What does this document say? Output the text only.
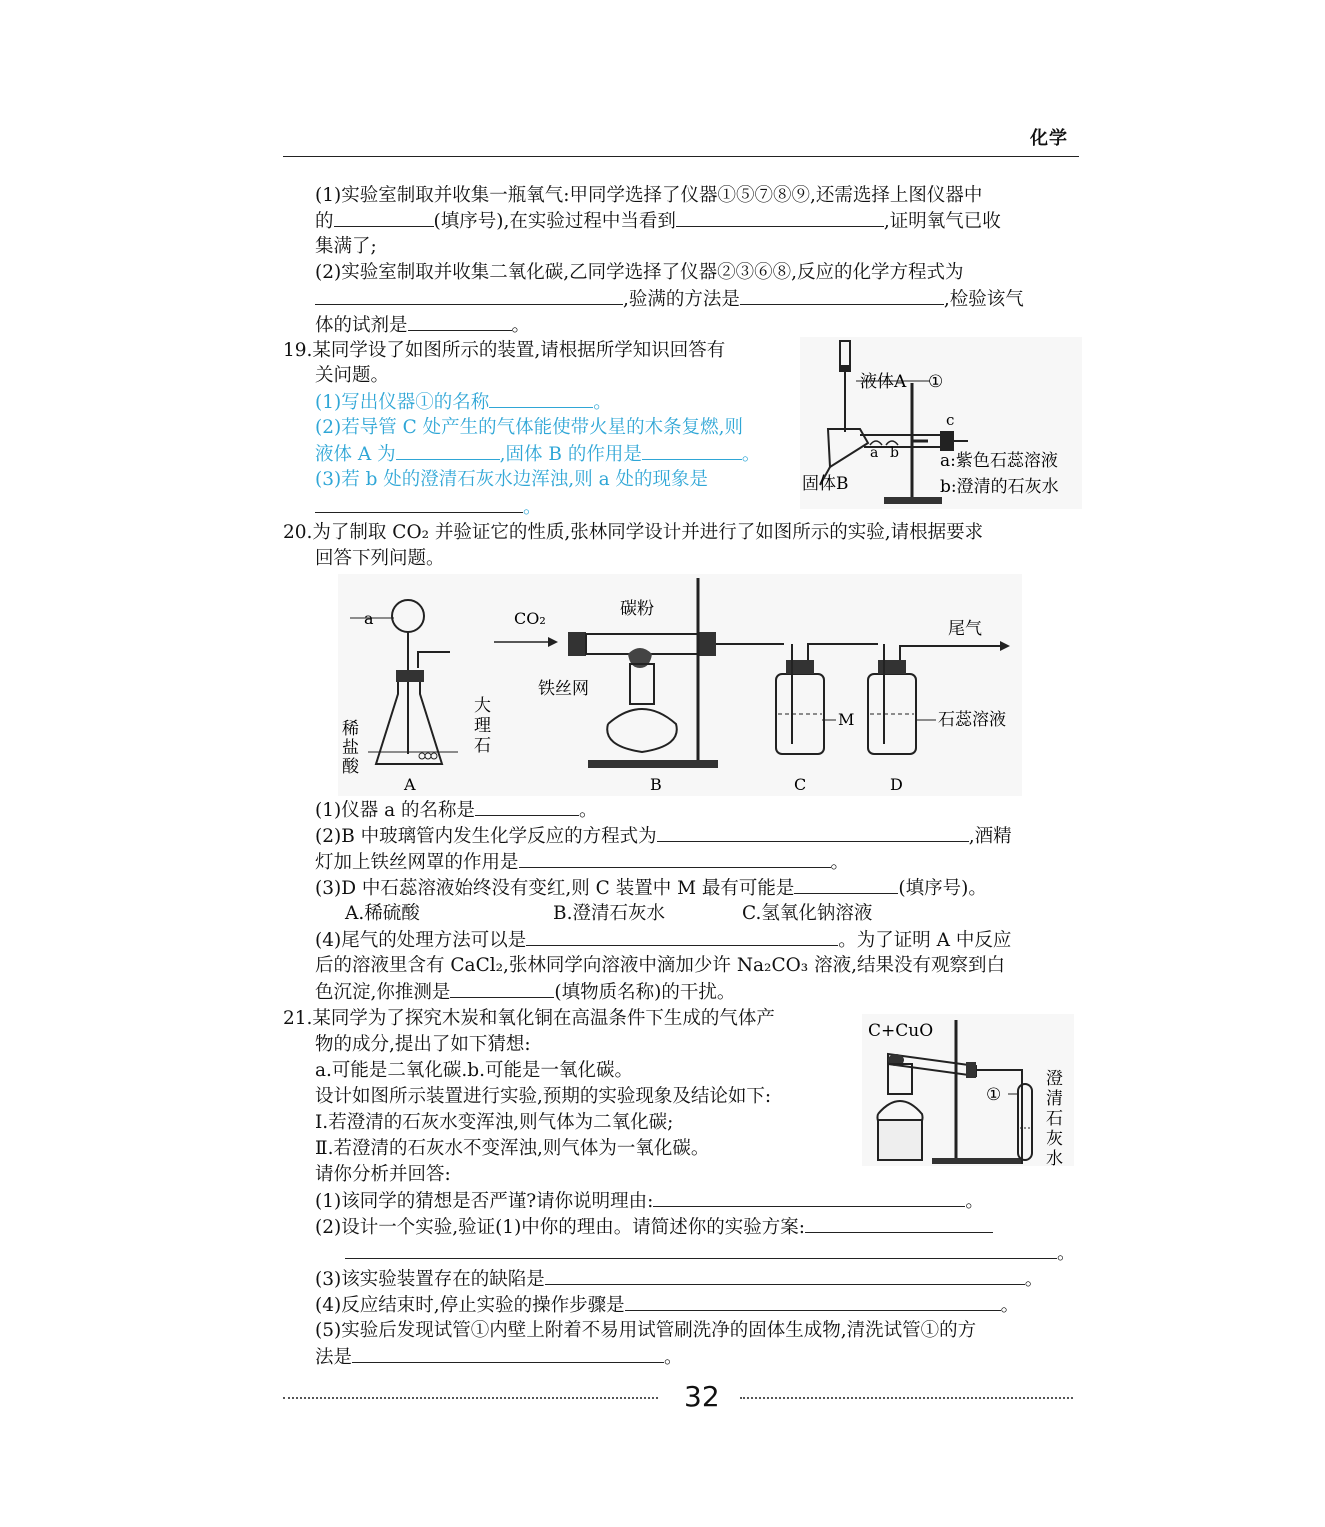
化学
(1)实验室制取并收集一瓶氧气:甲同学选择了仪器①⑤⑦⑧⑨,还需选择上图仪器中
的	(填序号),在实验过程中当看到	,证明氧气已收
集满了;
(2)实验室制取并收集二氧化碳,乙同学选择了仪器②③⑥⑧,反应的化学方程式为
,验满的方法是	,检验该气
体的试剂是	。
19.某同学设了如图所示的装置,请根据所学知识回答有
关问题。
(1)写出仪器①的名称	。
(2)若导管 C 处产生的气体能使带火星的木条复燃,则
液体 A 为	,固体 B 的作用是	。
(3)若 b 处的澄清石灰水边浑浊,则 a 处的现象是
。
液体A ①
c
a b
固体B
a:紫色石蕊溶液
b:澄清的石灰水
20.为了制取 CO₂ 并验证它的性质,张林同学设计并进行了如图所示的实验,请根据要求
回答下列问题。
a
稀
盐
酸
大
理
石
A
CO₂	碳粉
铁丝网
B
M
C
石蕊溶液
尾气
D
(1)仪器 a 的名称是	。
(2)B 中玻璃管内发生化学反应的方程式为	,酒精
灯加上铁丝网罩的作用是	。
(3)D 中石蕊溶液始终没有变红,则 C 装置中 M 最有可能是	(填序号)。
A.稀硫酸	B.澄清石灰水	C.氢氧化钠溶液
(4)尾气的处理方法可以是	。为了证明 A 中反应
后的溶液里含有 CaCl₂,张林同学向溶液中滴加少许 Na₂CO₃ 溶液,结果没有观察到白
色沉淀,你推测是	(填物质名称)的干扰。
21.某同学为了探究木炭和氧化铜在高温条件下生成的气体产
物的成分,提出了如下猜想:
a.可能是二氧化碳.b.可能是一氧化碳。
设计如图所示装置进行实验,预期的实验现象及结论如下:
Ⅰ.若澄清的石灰水变浑浊,则气体为二氧化碳;
Ⅱ.若澄清的石灰水不变浑浊,则气体为一氧化碳。
请你分析并回答:
C+CuO
①
澄
清
石
灰
水
(1)该同学的猜想是否严谨?请你说明理由:	。
(2)设计一个实验,验证(1)中你的理由。请简述你的实验方案:
。
(3)该实验装置存在的缺陷是	。
(4)反应结束时,停止实验的操作步骤是	。
(5)实验后发现试管①内壁上附着不易用试管刷洗净的固体生成物,清洗试管①的方
法是	。
32
